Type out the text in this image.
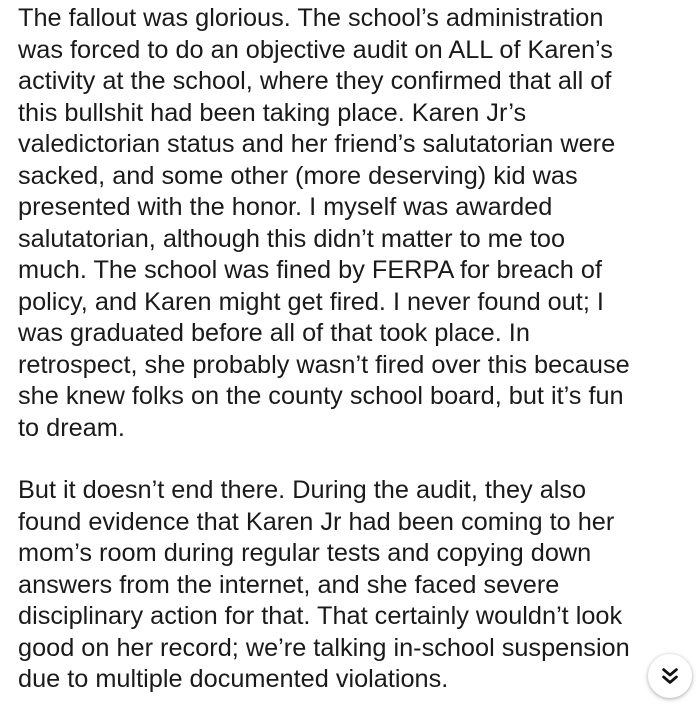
The fallout was glorious. The school’s administration
was forced to do an objective audit on ALL of Karen’s
activity at the school, where they confirmed that all of
this bullshit had been taking place. Karen Jr’s
valedictorian status and her friend’s salutatorian were
sacked, and some other (more deserving) kid was
presented with the honor. I myself was awarded
salutatorian, although this didn’t matter to me too
much. The school was fined by FERPA for breach of
policy, and Karen might get fired. I never found out; I
was graduated before all of that took place. In
retrospect, she probably wasn’t fired over this because
she knew folks on the county school board, but it’s fun
to dream.
But it doesn’t end there. During the audit, they also
found evidence that Karen Jr had been coming to her
mom’s room during regular tests and copying down
answers from the internet, and she faced severe
disciplinary action for that. That certainly wouldn’t look
good on her record; we’re talking in-school suspension
due to multiple documented violations.
